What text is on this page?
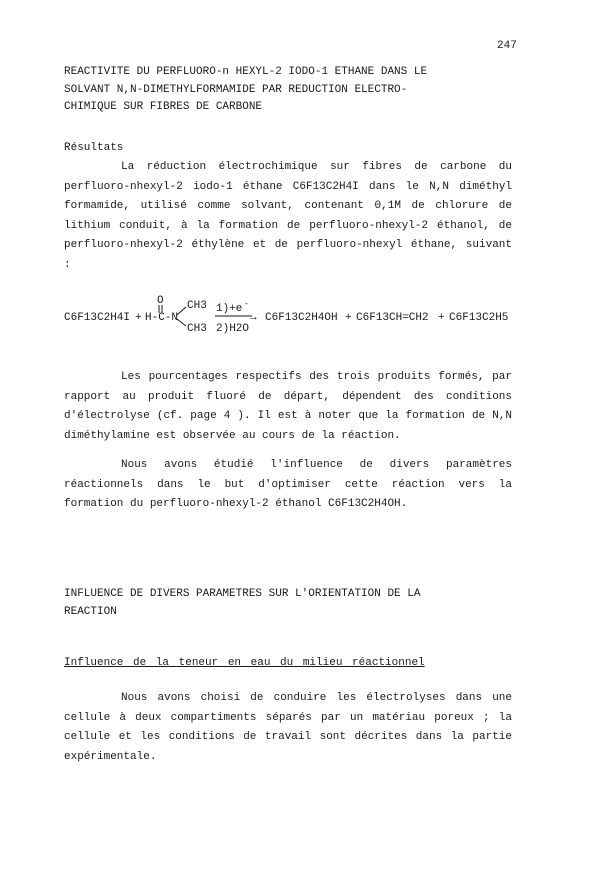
247
REACTIVITE DU PERFLUORO-n HEXYL-2 IODO-1 ETHANE DANS LE
SOLVANT N,N-DIMETHYLFORMAMIDE PAR REDUCTION ELECTRO-
CHIMIQUE SUR FIBRES DE CARBONE
Résultats

La réduction électrochimique sur fibres de carbone du perfluoro-nhexyl-2 iodo-1 éthane C6F13C2H4I dans le N,N diméthyl formamide, utilisé comme solvant, contenant 0,1M de chlorure de lithium conduit, à la formation de perfluoro-nhexyl-2 éthanol, de perfluoro-nhexyl-2 éthylène et de perfluoro-nhexyl éthane, suivant :

C6F13C2H4I + H-C-N
O CH3
CH3
1)+e -
→
2)H2O
C6F13C2H4OH + C6F13CH=CH2 + C6F13C2H5

Les pourcentages respectifs des trois produits formés, par rapport au produit fluoré de départ, dépendent des conditions d'électrolyse (cf. page 4 ). Il est à noter que la formation de N,N diméthylamine est observée au cours de la réaction.

Nous avons étudié l'influence de divers paramètres réactionnels dans le but d'optimiser cette réaction vers la formation du perfluoro-nhexyl-2 éthanol C6F13C2H4OH.

INFLUENCE DE DIVERS PARAMETRES SUR L'ORIENTATION DE LA
REACTION
Influence de la teneur en eau du milieu réactionnel

Nous avons choisi de conduire les électrolyses dans une cellule à deux compartiments séparés par un matériau poreux ; la cellule et les conditions de travail sont décrites dans la partie expérimentale.
